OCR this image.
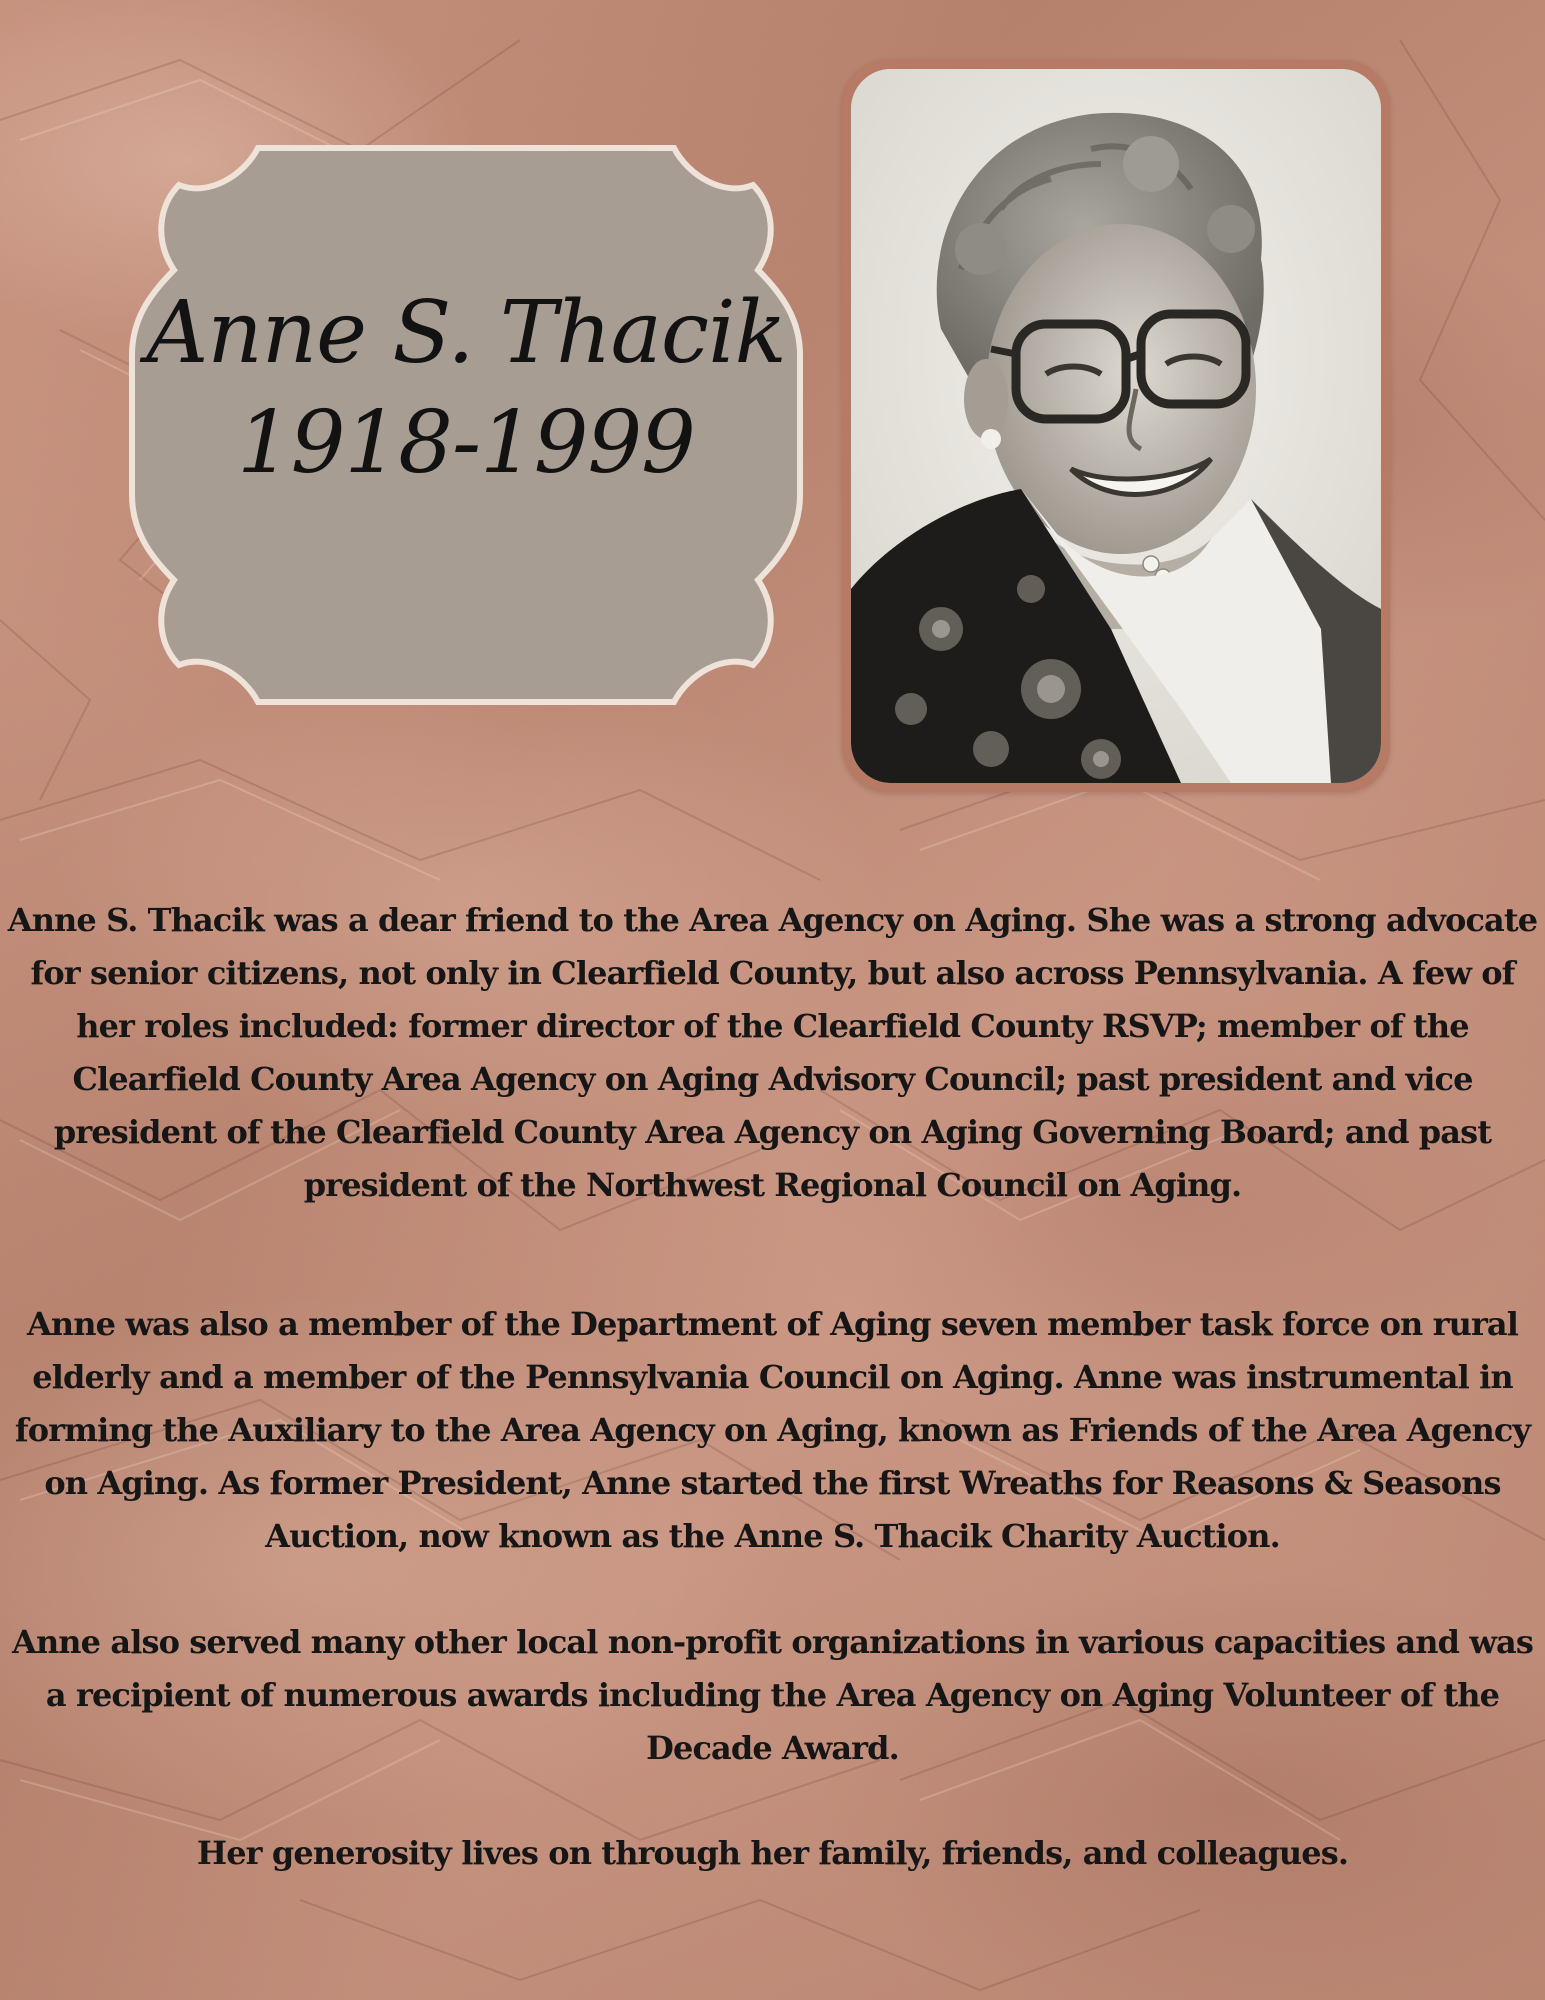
Anne S. Thacik
1918-1999

Anne S. Thacik was a dear friend to the Area Agency on Aging. She was a strong advocate for senior citizens, not only in Clearfield County, but also across Pennsylvania. A few of her roles included: former director of the Clearfield County RSVP; member of the Clearfield County Area Agency on Aging Advisory Council; past president and vice president of the Clearfield County Area Agency on Aging Governing Board; and past president of the Northwest Regional Council on Aging.

Anne was also a member of the Department of Aging seven member task force on rural elderly and a member of the Pennsylvania Council on Aging. Anne was instrumental in forming the Auxiliary to the Area Agency on Aging, known as Friends of the Area Agency on Aging. As former President, Anne started the first Wreaths for Reasons & Seasons Auction, now known as the Anne S. Thacik Charity Auction.

Anne also served many other local non-profit organizations in various capacities and was a recipient of numerous awards including the Area Agency on Aging Volunteer of the Decade Award.

Her generosity lives on through her family, friends, and colleagues.
